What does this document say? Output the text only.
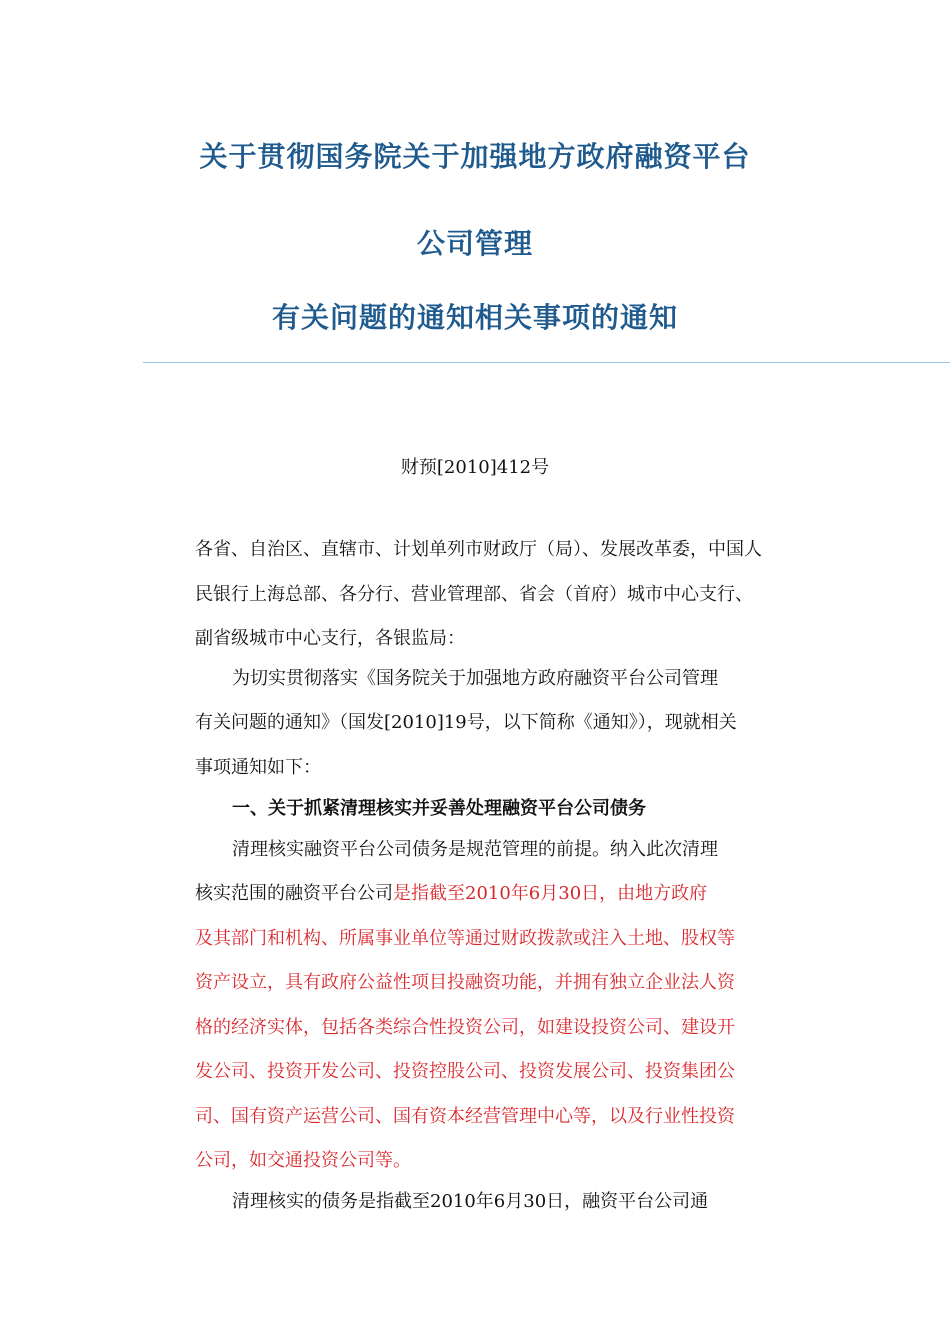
关于贯彻国务院关于加强地方政府融资平台
公司管理
有关问题的通知相关事项的通知
财预[2010]412号
各省、自治区、直辖市、计划单列市财政厅（局）、发展改革委，中国人
民银行上海总部、各分行、营业管理部、省会（首府）城市中心支行、
副省级城市中心支行，各银监局：
为切实贯彻落实《国务院关于加强地方政府融资平台公司管理
有关问题的通知》（国发[2010]19号，以下简称《通知》），现就相关
事项通知如下：
一、关于抓紧清理核实并妥善处理融资平台公司债务
清理核实融资平台公司债务是规范管理的前提。纳入此次清理
核实范围的融资平台公司是指截至2010年6月30日，由地方政府
及其部门和机构、所属事业单位等通过财政拨款或注入土地、股权等
资产设立，具有政府公益性项目投融资功能，并拥有独立企业法人资
格的经济实体，包括各类综合性投资公司，如建设投资公司、建设开
发公司、投资开发公司、投资控股公司、投资发展公司、投资集团公
司、国有资产运营公司、国有资本经营管理中心等，以及行业性投资
公司，如交通投资公司等。
清理核实的债务是指截至2010年6月30日，融资平台公司通
